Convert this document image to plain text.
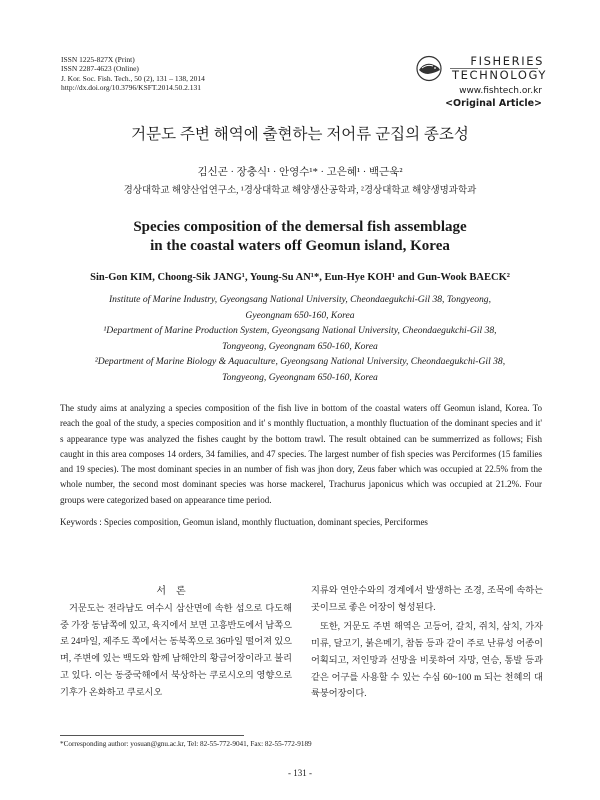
ISSN 1225-827X (Print)
ISSN 2287-4623 (Online)
J. Kor. Soc. Fish. Tech., 50 (2), 131 – 138, 2014
http://dx.doi.org/10.3796/KSFT.2014.50.2.131
FISHERIES
TECHNOLOGY
www.fishtech.or.kr
<Original Article>
거문도 주변 해역에 출현하는 저어류 군집의 종조성
김신곤 · 장충식¹ · 안영수¹* · 고은혜¹ · 백근욱²
경상대학교 해양산업연구소, ¹경상대학교 해양생산공학과, ²경상대학교 해양생명과학과
Species composition of the demersal fish assemblage
in the coastal waters off Geomun island, Korea
Sin-Gon KIM, Choong-Sik JANG¹, Young-Su AN¹*, Eun-Hye KOH¹ and Gun-Wook BAECK²
Institute of Marine Industry, Gyeongsang National University, Cheondaegukchi-Gil 38, Tongyeong,
Gyeongnam 650-160, Korea
¹Department of Marine Production System, Gyeongsang National University, Cheondaegukchi-Gil 38,
Tongyeong, Gyeongnam 650-160, Korea
²Department of Marine Biology & Aquaculture, Gyeongsang National University, Cheondaegukchi-Gil 38,
Tongyeong, Gyeongnam 650-160, Korea
The study aims at analyzing a species composition of the fish live in bottom of the coastal waters off Geomun island, Korea. To reach the goal of the study, a species composition and it' s monthly fluctuation, a monthly fluctuation of the dominant species and it' s appearance type was analyzed the fishes caught by the bottom trawl. The result obtained can be summerrized as follows; Fish caught in this area composes 14 orders, 34 families, and 47 species. The largest number of fish species was Perciformes (15 families and 19 species). The most dominant species in an number of fish was jhon dory, Zeus faber which was occupied at 22.5% from the whole number, the second most dominant species was horse mackerel, Trachurus japonicus which was occupied at 21.2%. Four groups were categorized based on appearance time period.
Keywords : Species composition, Geomun island, monthly fluctuation, dominant species, Perciformes
서론

거문도는 전라남도 여수시 삼산면에 속한 섬으로 다도해 중 가장 동남쪽에 있고, 육지에서 보면 고흥반도에서 남쪽으로 24마일, 제주도 쪽에서는 동북쪽으로 36마일 떨어져 있으며, 주변에 있는 백도와 함께 남해안의 황금어장이라고 불리고 있다. 이는 동중국해에서 북상하는 쿠로시오의 영향으로 기후가 온화하고 쿠로시오

지류와 연안수와의 경계에서 발생하는 조경, 조목에 속하는 곳이므로 좋은 어장이 형성된다.

또한, 거문도 주변 해역은 고등어, 갈치, 쥐치, 삼치, 가자미류, 달고기, 붉은메기, 참돔 등과 같이 주로 난류성 어종이 어획되고, 저인망과 선망을 비롯하여 자망, 연승, 통발 등과 같은 어구를 사용할 수 있는 수심 60~100 m 되는 천혜의 대륙붕어장이다.

*Corresponding author: yosuan@gnu.ac.kr, Tel: 82-55-772-9041, Fax: 82-55-772-9189
- 131 -
